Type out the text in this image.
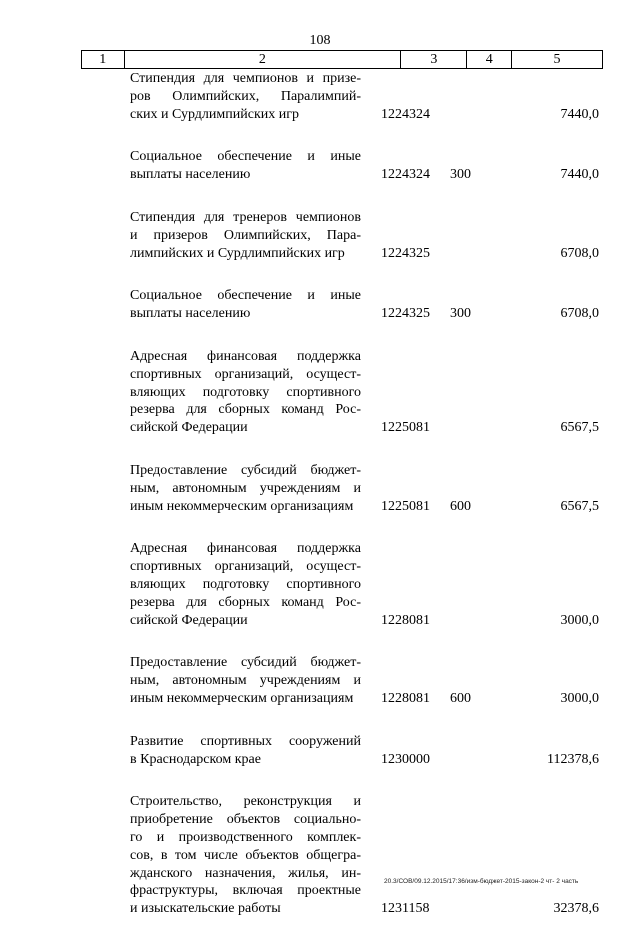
108
1	2	3	4	5
Стипендия для чемпионов и призе-
ров Олимпийских, Паралимпий-
ских и Сурдлимпийских игр	1224324	7440,0
Социальное обеспечение и иные
выплаты населению	1224324 300	7440,0
Стипендия для тренеров чемпионов
и призеров Олимпийских, Пара-
лимпийских и Сурдлимпийских игр	1224325	6708,0
Социальное обеспечение и иные
выплаты населению	1224325 300	6708,0
Адресная финансовая поддержка
спортивных организаций, осущест-
вляющих подготовку спортивного
резерва для сборных команд Рос-
сийской Федерации	1225081	6567,5
Предоставление субсидий бюджет-
ным, автономным учреждениям и
иным некоммерческим организациям	1225081 600	6567,5
Адресная финансовая поддержка
спортивных организаций, осущест-
вляющих подготовку спортивного
резерва для сборных команд Рос-
сийской Федерации	1228081	3000,0
Предоставление субсидий бюджет-
ным, автономным учреждениям и
иным некоммерческим организациям	1228081 600	3000,0
Развитие спортивных сооружений
в Краснодарском крае	1230000	112378,6
Строительство, реконструкция и
приобретение объектов социально-
го и производственного комплек-
сов, в том числе объектов общегра-
жданского назначения, жилья, ин-
фраструктуры, включая проектные
и изыскательские работы	1231158	32378,6
20.3/СОВ/09.12.2015/17:36/изм-бюджет-2015-закон-2 чт- 2 часть
